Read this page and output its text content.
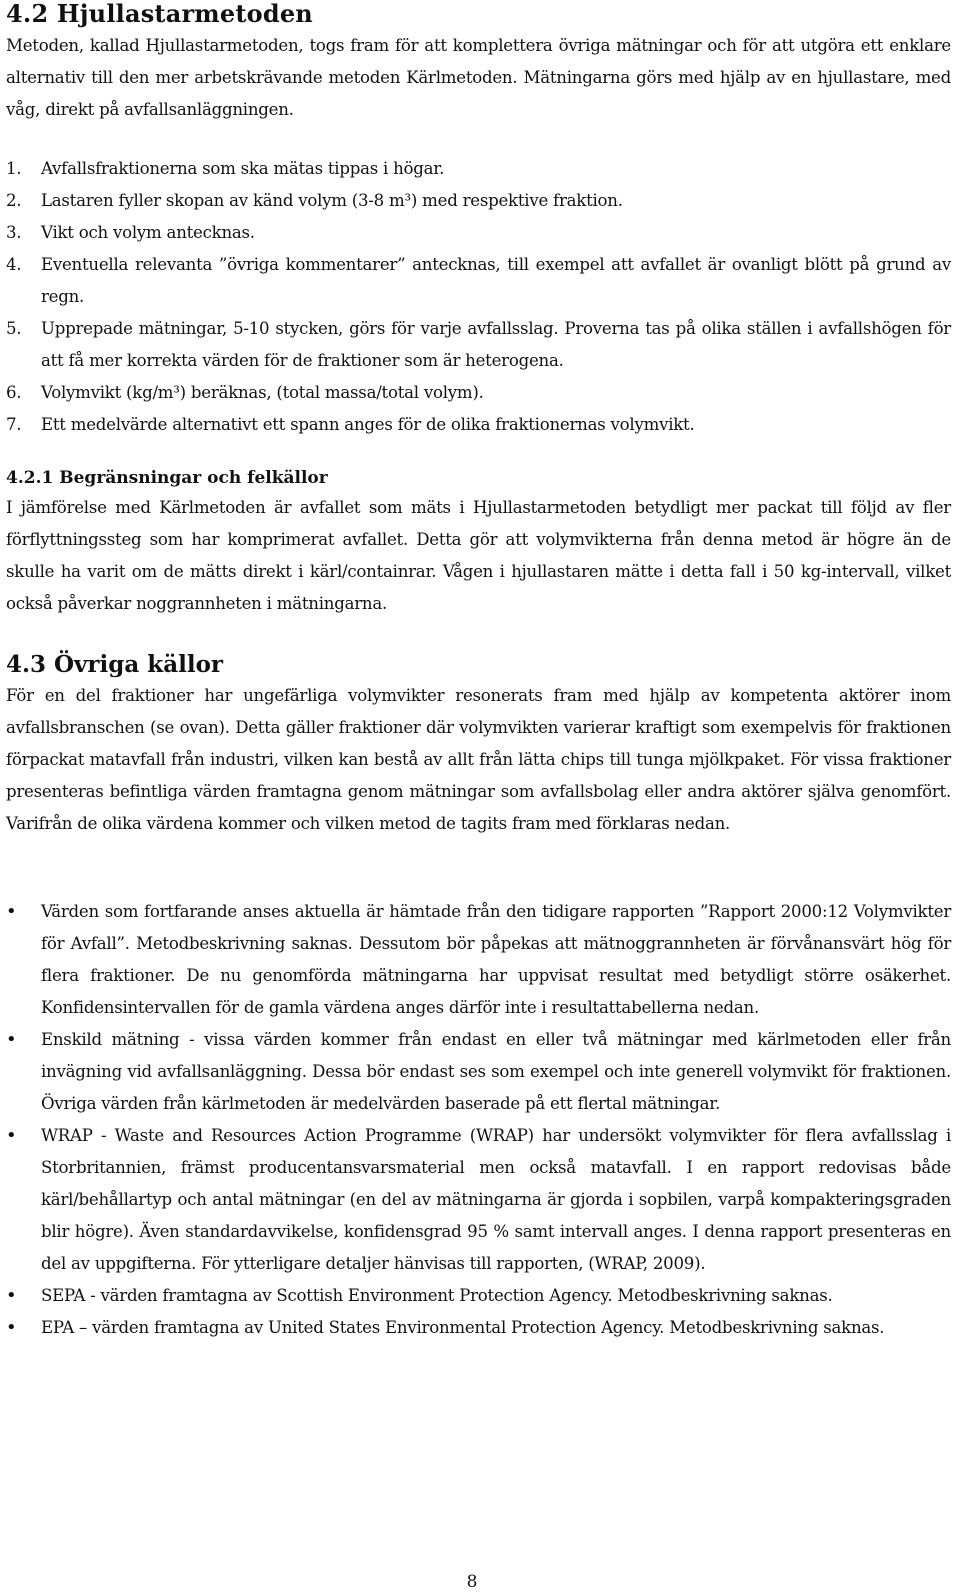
4.2 Hjullastarmetoden

Metoden, kallad Hjullastarmetoden, togs fram för att komplettera övriga mätningar och för att utgöra ett enklare alternativ till den mer arbetskrävande metoden Kärlmetoden. Mätningarna görs med hjälp av en hjullastare, med våg, direkt på avfallsanläggningen.

1. Avfallsfraktionerna som ska mätas tippas i högar.
2. Lastaren fyller skopan av känd volym (3-8 m³) med respektive fraktion.
3. Vikt och volym antecknas.
4. Eventuella relevanta ”övriga kommentarer” antecknas, till exempel att avfallet är ovanligt blött på grund av regn.
5. Upprepade mätningar, 5-10 stycken, görs för varje avfallsslag. Proverna tas på olika ställen i avfallshögen för att få mer korrekta värden för de fraktioner som är heterogena.
6. Volymvikt (kg/m³) beräknas, (total massa/total volym).
7. Ett medelvärde alternativt ett spann anges för de olika fraktionernas volymvikt.
4.2.1 Begränsningar och felkällor

I jämförelse med Kärlmetoden är avfallet som mäts i Hjullastarmetoden betydligt mer packat till följd av fler förflyttningssteg som har komprimerat avfallet. Detta gör att volymvikterna från denna metod är högre än de skulle ha varit om de mätts direkt i kärl/containrar. Vågen i hjullastaren mätte i detta fall i 50 kg-intervall, vilket också påverkar noggrannheten i mätningarna.

4.3 Övriga källor

För en del fraktioner har ungefärliga volymvikter resonerats fram med hjälp av kompetenta aktörer inom avfallsbranschen (se ovan). Detta gäller fraktioner där volymvikten varierar kraftigt som exempelvis för fraktionen förpackat matavfall från industri, vilken kan bestå av allt från lätta chips till tunga mjölkpaket. För vissa fraktioner presenteras befintliga värden framtagna genom mätningar som avfallsbolag eller andra aktörer själva genomfört. Varifrån de olika värdena kommer och vilken metod de tagits fram med förklaras nedan.

• Värden som fortfarande anses aktuella är hämtade från den tidigare rapporten ”Rapport 2000:12 Volymvikter för Avfall”. Metodbeskrivning saknas. Dessutom bör påpekas att mätnoggrannheten är förvånansvärt hög för flera fraktioner. De nu genomförda mätningarna har uppvisat resultat med betydligt större osäkerhet. Konfidensintervallen för de gamla värdena anges därför inte i resultattabellerna nedan.
• Enskild mätning - vissa värden kommer från endast en eller två mätningar med kärlmetoden eller från invägning vid avfallsanläggning. Dessa bör endast ses som exempel och inte generell volymvikt för fraktionen. Övriga värden från kärlmetoden är medelvärden baserade på ett flertal mätningar.
• WRAP - Waste and Resources Action Programme (WRAP) har undersökt volymvikter för flera avfallsslag i Storbritannien, främst producentansvarsmaterial men också matavfall. I en rapport redovisas både kärl/behållartyp och antal mätningar (en del av mätningarna är gjorda i sopbilen, varpå kompakteringsgraden blir högre). Även standardavvikelse, konfidensgrad 95 % samt intervall anges. I denna rapport presenteras en del av uppgifterna. För ytterligare detaljer hänvisas till rapporten, (WRAP, 2009).
• SEPA - värden framtagna av Scottish Environment Protection Agency. Metodbeskrivning saknas.
• EPA – värden framtagna av United States Environmental Protection Agency. Metodbeskrivning saknas.
8
